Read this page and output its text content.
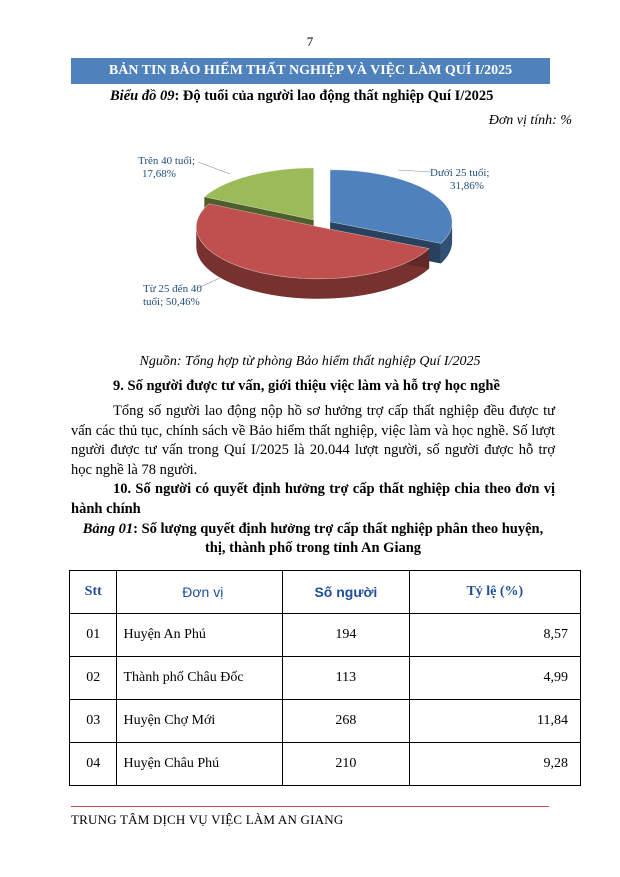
7
BẢN TIN BẢO HIỂM THẤT NGHIỆP VÀ VIỆC LÀM QUÍ I/2025
Biểu đồ 09: Độ tuổi của người lao động thất nghiệp Quí I/2025
Đơn vị tính: %
Dưới 25 tuổi; 31,86%
Từ 25 đến 40 tuổi; 50,46%
Trên 40 tuổi; 17,68%
Nguồn: Tổng hợp từ phòng Bảo hiểm thất nghiệp Quí I/2025
9. Số người được tư vấn, giới thiệu việc làm và hỗ trợ học nghề
Tổng số người lao động nộp hồ sơ hưởng trợ cấp thất nghiệp đều được tư vấn các thủ tục, chính sách về Bảo hiểm thất nghiệp, việc làm và học nghề. Số lượt người được tư vấn trong Quí I/2025 là 20.044 lượt người, số người được hỗ trợ học nghề là 78 người.
10. Số người có quyết định hưởng trợ cấp thất nghiệp chia theo đơn vị hành chính
Bảng 01: Số lượng quyết định hưởng trợ cấp thất nghiệp phân theo huyện, thị, thành phố trong tỉnh An Giang
Stt	Đơn vị	Số người	Tỷ lệ (%)
01	Huyện An Phú	194	8,57
02	Thành phố Châu Đốc	113	4,99
03	Huyện Chợ Mới	268	11,84
04	Huyện Châu Phú	210	9,28
TRUNG TÂM DỊCH VỤ VIỆC LÀM AN GIANG
